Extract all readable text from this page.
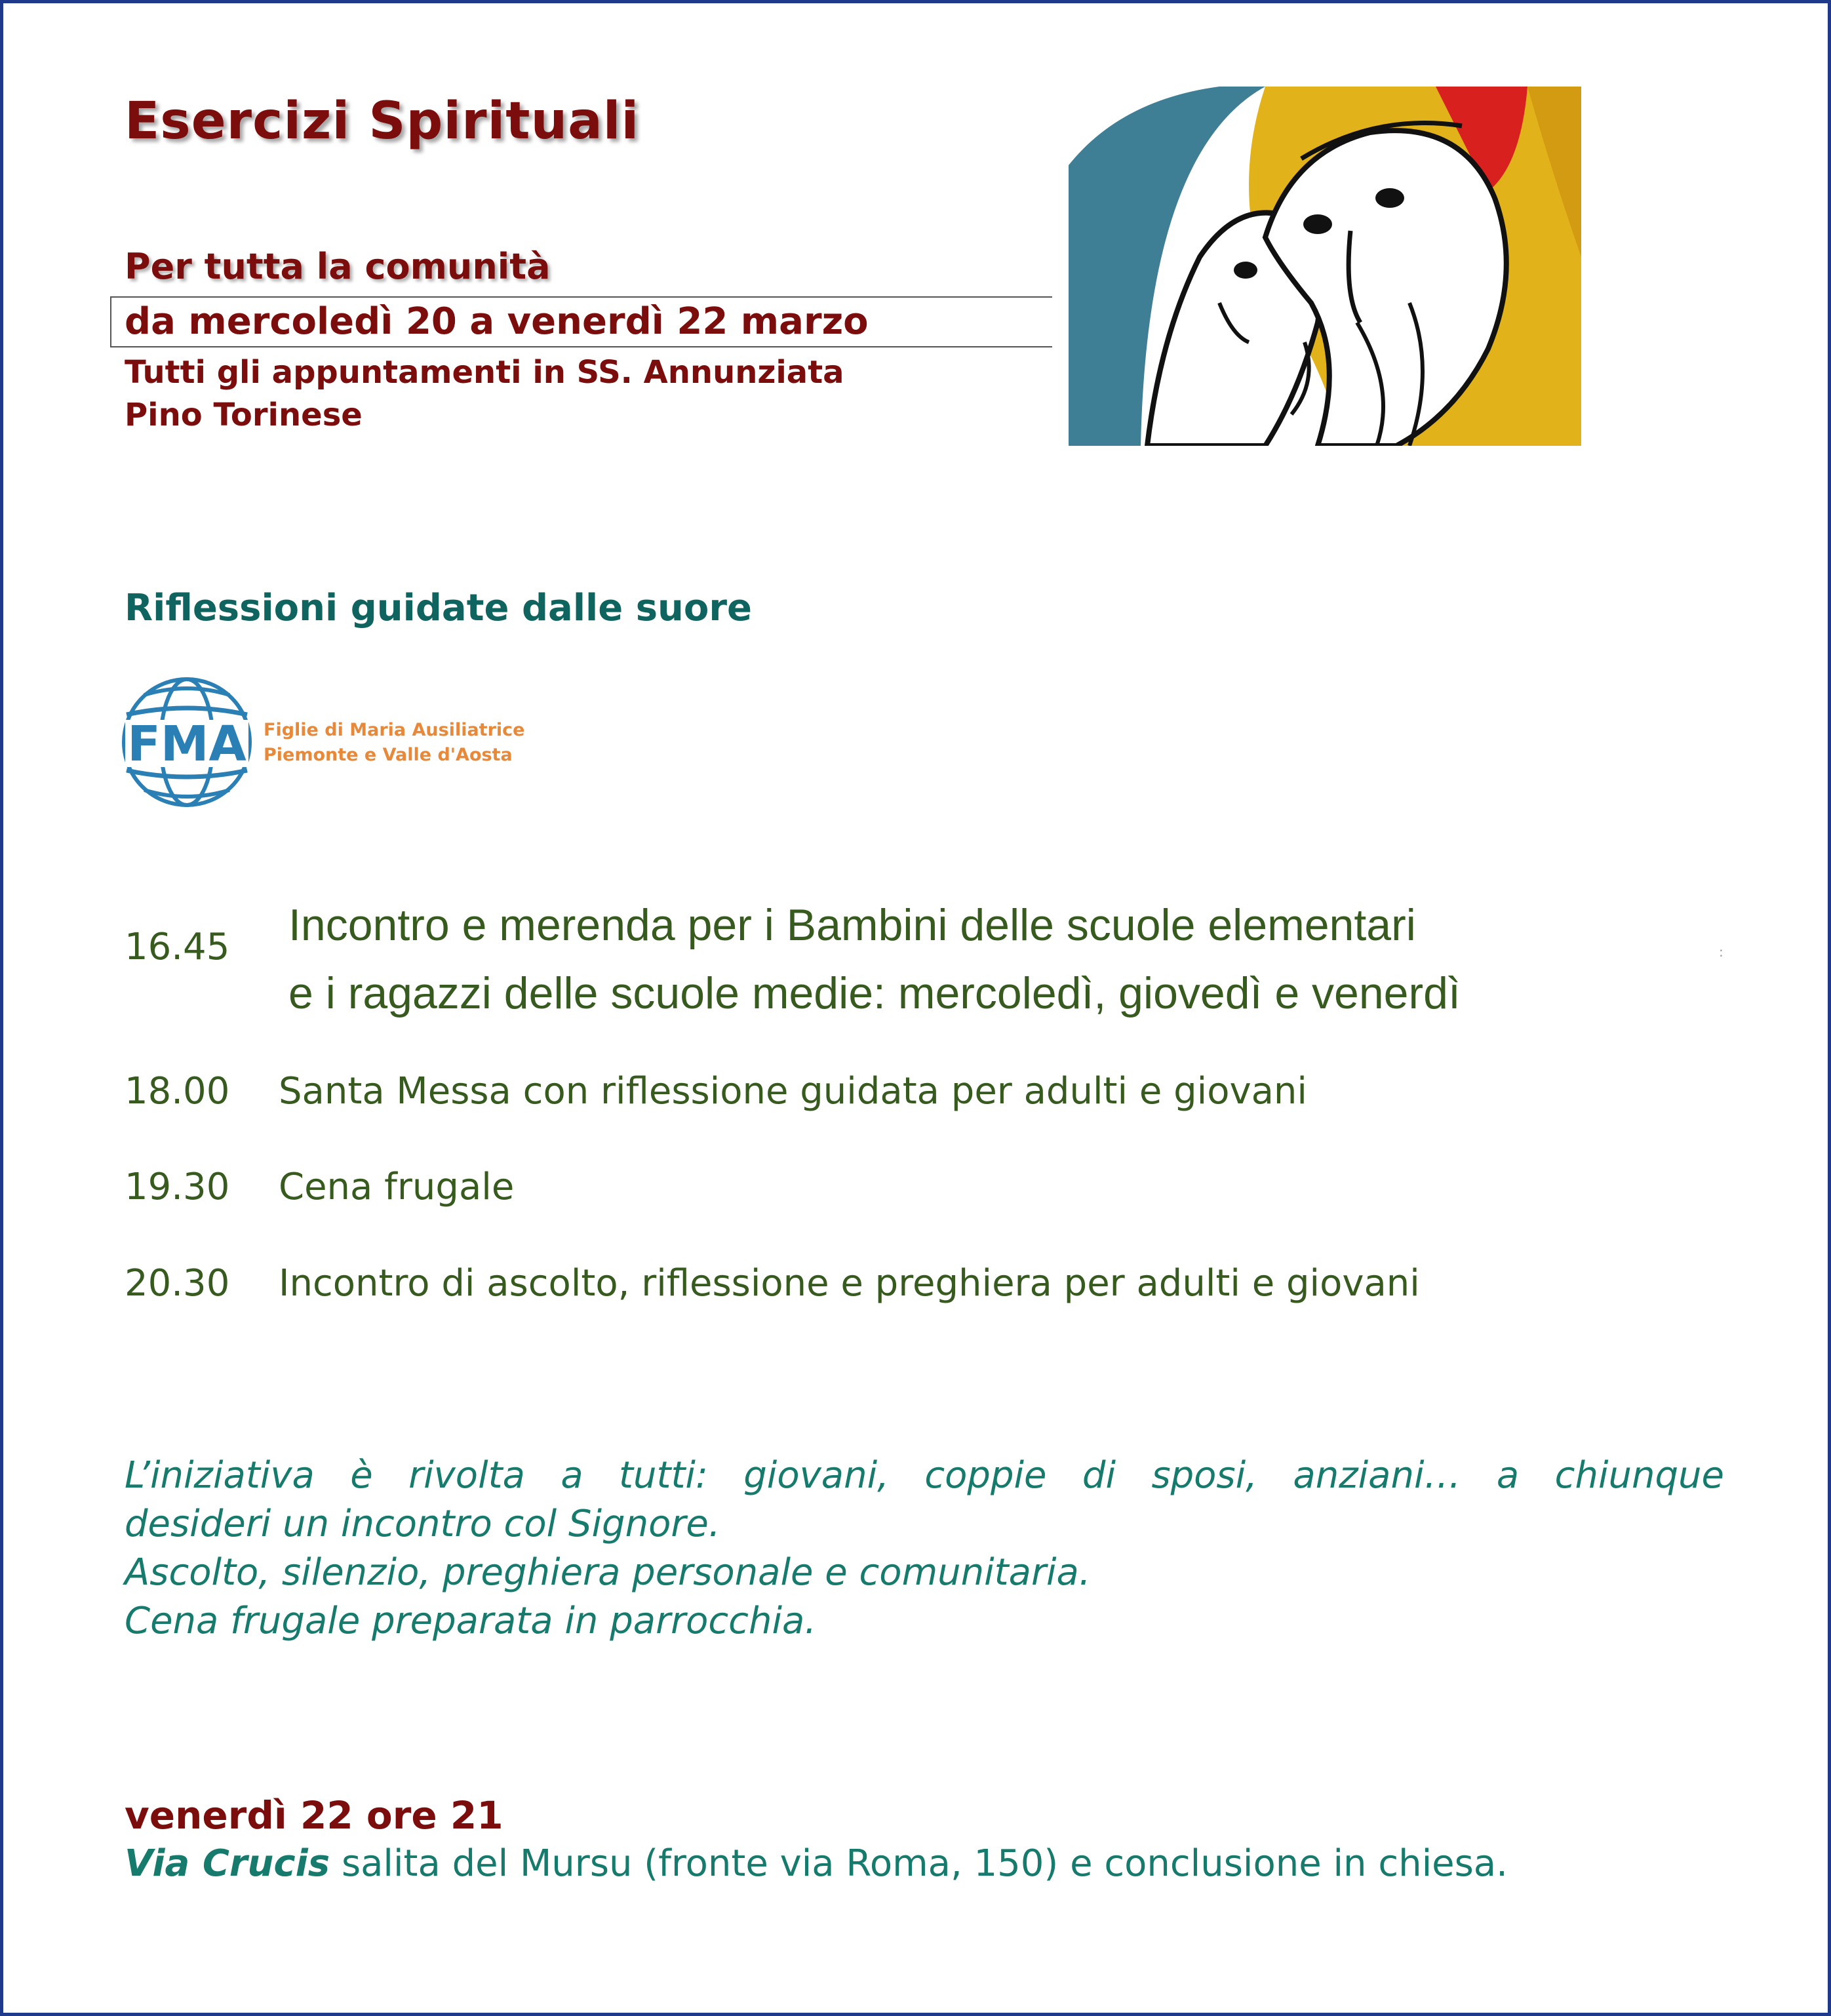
Esercizi Spirituali
Per tutta la comunità
da mercoledì 20 a venerdì 22 marzo
Tutti gli appuntamenti in SS. Annunziata
Pino Torinese
Riflessioni guidate dalle suore
FMA Figlie di Maria Ausiliatrice
Piemonte e Valle d'Aosta
16.45 Incontro e merenda per i Bambini delle scuole elementari
e i ragazzi delle scuole medie: mercoledì, giovedì e venerdì
:
18.00 Santa Messa con riflessione guidata per adulti e giovani
19.30 Cena frugale
20.30 Incontro di ascolto, riflessione e preghiera per adulti e giovani
L’iniziativa è rivolta a tutti: giovani, coppie di sposi, anziani… a chiunque
desideri un incontro col Signore.
Ascolto, silenzio, preghiera personale e comunitaria.
Cena frugale preparata in parrocchia.
venerdì 22 ore 21
Via Crucis salita del Mursu (fronte via Roma, 150) e conclusione in chiesa.
